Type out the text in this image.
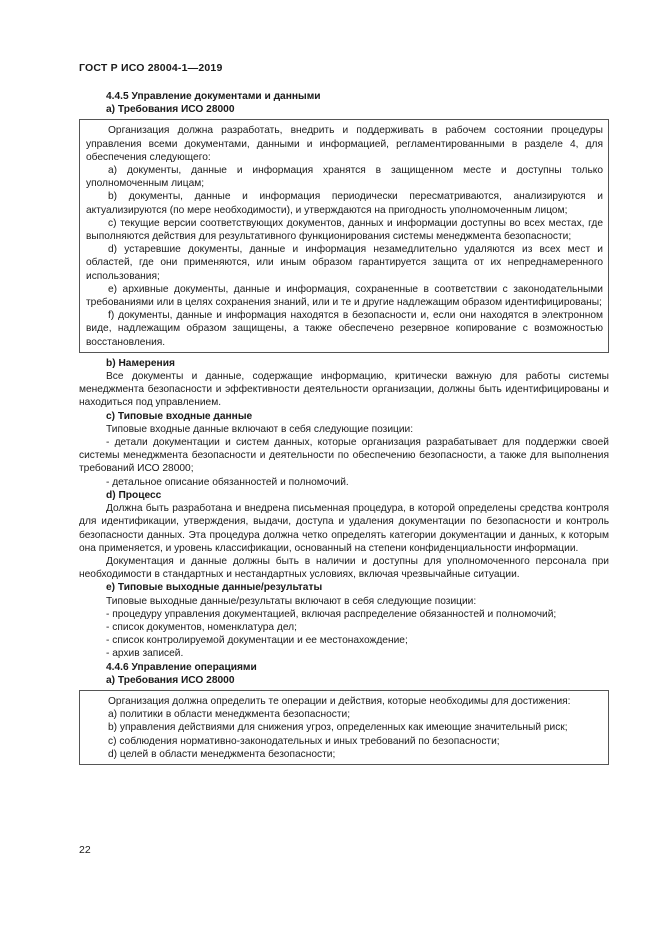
ГОСТ Р ИСО 28004-1—2019
4.4.5 Управление документами и данными
а) Требования ИСО 28000

Организация должна разработать, внедрить и поддерживать в рабочем состоянии процедуры управления всеми документами, данными и информацией, регламентированными в разделе 4, для обеспечения следующего:

a) документы, данные и информация хранятся в защищенном месте и доступны только уполномоченным лицам;

b) документы, данные и информация периодически пересматриваются, анализируются и актуализируются (по мере необходимости), и утверждаются на пригодность уполномоченным лицом;

c) текущие версии соответствующих документов, данных и информации доступны во всех местах, где выполняются действия для результативного функционирования системы менеджмента безопасности;

d) устаревшие документы, данные и информация незамедлительно удаляются из всех мест и областей, где они применяются, или иным образом гарантируется защита от их непреднамеренного использования;

e) архивные документы, данные и информация, сохраненные в соответствии с законодательными требованиями или в целях сохранения знаний, или и те и другие надлежащим образом идентифицированы;

f) документы, данные и информация находятся в безопасности и, если они находятся в электронном виде, надлежащим образом защищены, а также обеспечено резервное копирование с возможностью восстановления.

b) Намерения

Все документы и данные, содержащие информацию, критически важную для работы системы менеджмента безопасности и эффективности деятельности организации, должны быть идентифицированы и находиться под управлением.

c) Типовые входные данные

Типовые входные данные включают в себя следующие позиции:

- детали документации и систем данных, которые организация разрабатывает для поддержки своей системы менеджмента безопасности и деятельности по обеспечению безопасности, а также для выполнения требований ИСО 28000;

- детальное описание обязанностей и полномочий.

d) Процесс

Должна быть разработана и внедрена письменная процедура, в которой определены средства контроля для идентификации, утверждения, выдачи, доступа и удаления документации по безопасности и контроль безопасности данных. Эта процедура должна четко определять категории документации и данных, к которым она применяется, и уровень классификации, основанный на степени конфиденциальности информации.

Документация и данные должны быть в наличии и доступны для уполномоченного персонала при необходимости в стандартных и нестандартных условиях, включая чрезвычайные ситуации.

e) Типовые выходные данные/результаты

Типовые выходные данные/результаты включают в себя следующие позиции:

- процедуру управления документацией, включая распределение обязанностей и полномочий;

- список документов, номенклатура дел;

- список контролируемой документации и ее местонахождение;

- архив записей.

4.4.6 Управление операциями
а) Требования ИСО 28000

Организация должна определить те операции и действия, которые необходимы для достижения:

а) политики в области менеджмента безопасности;

b) управления действиями для снижения угроз, определенных как имеющие значительный риск;

c) соблюдения нормативно-законодательных и иных требований по безопасности;

d) целей в области менеджмента безопасности;

22
